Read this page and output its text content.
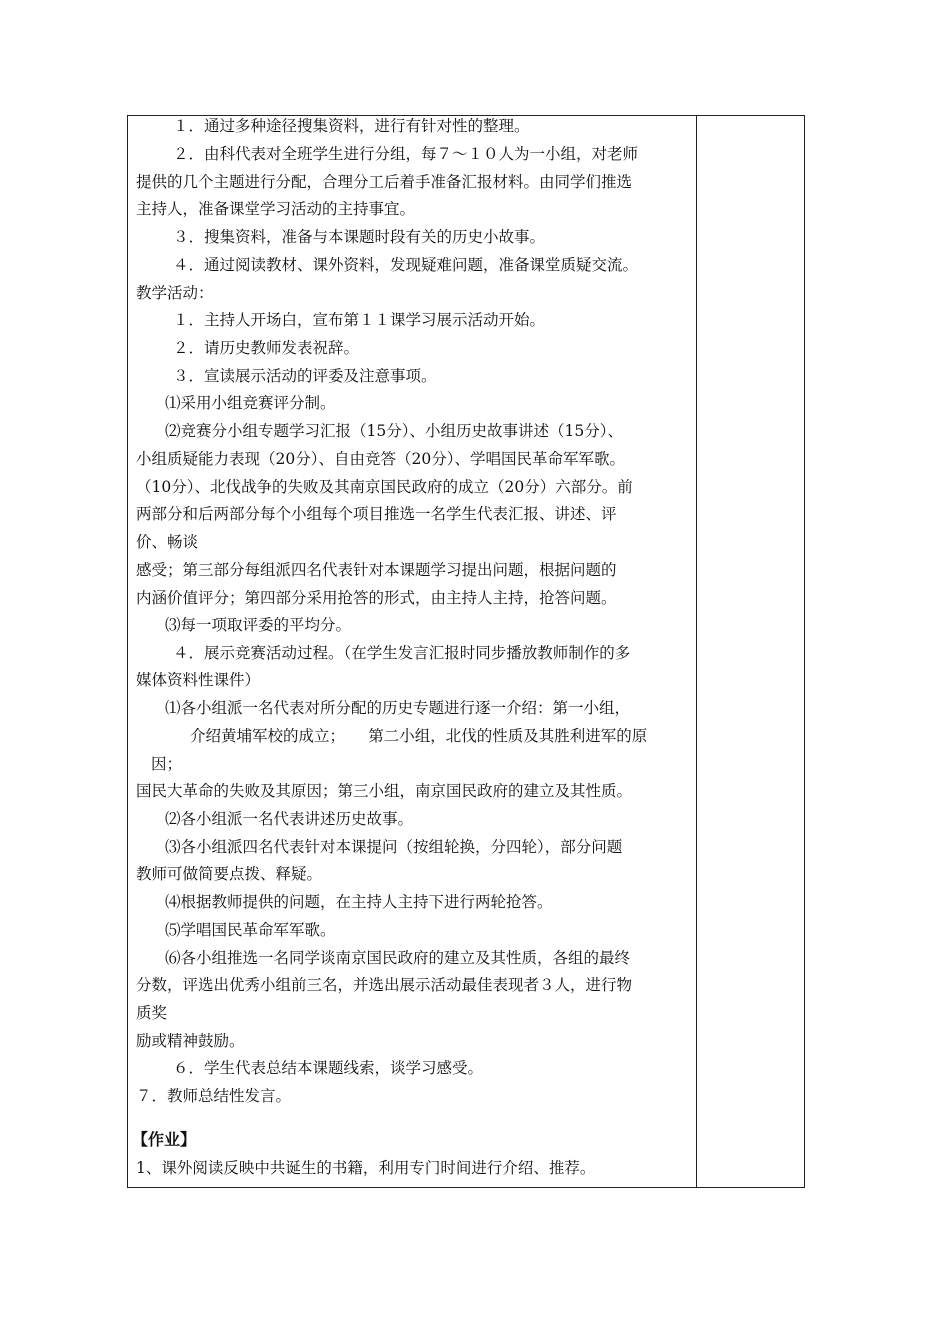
１．通过多种途径搜集资料，进行有针对性的整理。
２．由科代表对全班学生进行分组，每７～１０人为一小组，对老师
提供的几个主题进行分配，合理分工后着手准备汇报材料。由同学们推选
主持人，准备课堂学习活动的主持事宜。
３．搜集资料，准备与本课题时段有关的历史小故事。
４．通过阅读教材、课外资料，发现疑难问题，准备课堂质疑交流。
教学活动：
１．主持人开场白，宣布第１１课学习展示活动开始。
２．请历史教师发表祝辞。
３．宣读展示活动的评委及注意事项。
⑴采用小组竞赛评分制。
⑵竞赛分小组专题学习汇报（15分）、小组历史故事讲述（15分）、
小组质疑能力表现（20分）、自由竞答（20分）、学唱国民革命军军歌。
（10分）、北伐战争的失败及其南京国民政府的成立（20分）六部分。前
两部分和后两部分每个小组每个项目推选一名学生代表汇报、讲述、评
价、畅谈
感受；第三部分每组派四名代表针对本课题学习提出问题，根据问题的
内涵价值评分；第四部分采用抢答的形式，由主持人主持，抢答问题。
⑶每一项取评委的平均分。
４．展示竞赛活动过程。（在学生发言汇报时同步播放教师制作的多
媒体资料性课件）
⑴各小组派一名代表对所分配的历史专题进行逐一介绍：第一小组，
介绍黄埔军校的成立；　　第二小组，北伐的性质及其胜利进军的原
因；
国民大革命的失败及其原因；第三小组，南京国民政府的建立及其性质。
⑵各小组派一名代表讲述历史故事。
⑶各小组派四名代表针对本课提问（按组轮换，分四轮），部分问题
教师可做简要点拨、释疑。
⑷根据教师提供的问题，在主持人主持下进行两轮抢答。
⑸学唱国民革命军军歌。
⑹各小组推选一名同学谈南京国民政府的建立及其性质，各组的最终
分数，评选出优秀小组前三名，并选出展示活动最佳表现者３人，进行物
质奖
励或精神鼓励。
６．学生代表总结本课题线索，谈学习感受。
７．教师总结性发言。
【作业】
1、课外阅读反映中共诞生的书籍，利用专门时间进行介绍、推荐。
